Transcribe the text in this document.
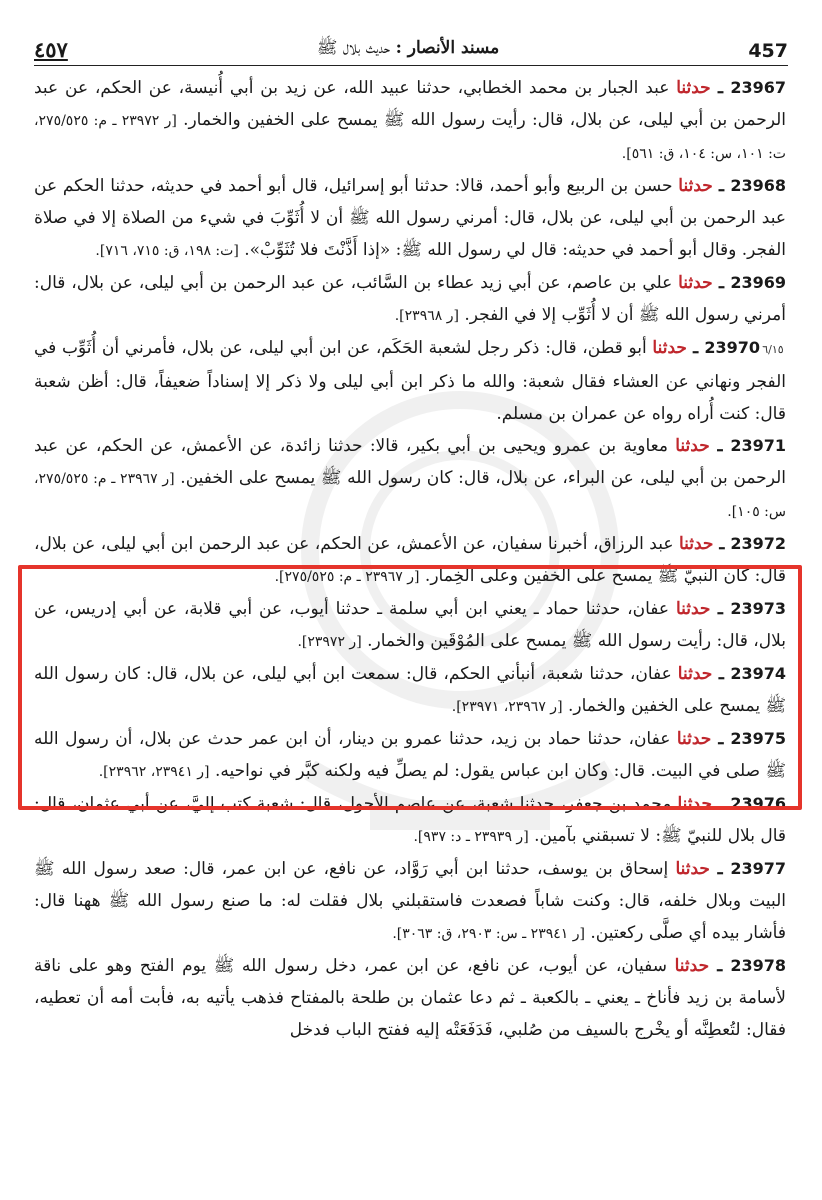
457
مسند الأنصار : حديث بلال ﷺ
٤٥٧

23967 ـ حدثنا عبد الجبار بن محمد الخطابي، حدثنا عبيد الله، عن زيد بن أبي أُنيسة، عن الحكم، عن عبد الرحمن بن أبي ليلى، عن بلال، قال: رأيت رسول الله ﷺ يمسح على الخفين والخمار. [ر ٢٣٩٧٢ ـ م: ٢٧٥/٥٢٥، ت: ١٠١، س: ١٠٤، ق: ٥٦١].

23968 ـ حدثنا حسن بن الربيع وأبو أحمد، قالا: حدثنا أبو إسرائيل، قال أبو أحمد في حديثه، حدثنا الحكم عن عبد الرحمن بن أبي ليلى، عن بلال، قال: أمرني رسول الله ﷺ أن لا أُثَوِّبَ في شيء من الصلاة إلا في صلاة الفجر. وقال أبو أحمد في حديثه: قال لي رسول الله ﷺ: «إذا أَذَّنْتَ فلا تُثَوِّبْ». [ت: ١٩٨، ق: ٧١٥، ٧١٦].

23969 ـ حدثنا علي بن عاصم، عن أبي زيد عطاء بن السَّائب، عن عبد الرحمن بن أبي ليلى، عن بلال، قال: أمرني رسول الله ﷺ أن لا أُثَوِّب إلا في الفجر. [ر ٢٣٩٦٨].

٦/١٥23970 ـ حدثنا أبو قطن، قال: ذكر رجل لشعبة الحَكَم، عن ابن أبي ليلى، عن بلال، فأمرني أن أُثَوِّب في الفجر ونهاني عن العشاء فقال شعبة: والله ما ذكر ابن أبي ليلى ولا ذكر إلا إسناداً ضعيفاً، قال: أظن شعبة قال: كنت أُراه رواه عن عمران بن مسلم.

23971 ـ حدثنا معاوية بن عمرو ويحيى بن أبي بكير، قالا: حدثنا زائدة، عن الأعمش، عن الحكم، عن عبد الرحمن بن أبي ليلى، عن البراء، عن بلال، قال: كان رسول الله ﷺ يمسح على الخفين. [ر ٢٣٩٦٧ ـ م: ٢٧٥/٥٢٥، س: ١٠٥].

23972 ـ حدثنا عبد الرزاق، أخبرنا سفيان، عن الأعمش، عن الحكم، عن عبد الرحمن ابن أبي ليلى، عن بلال، قال: كان النبيّ ﷺ يمسح على الخفين وعلى الخِمار. [ر ٢٣٩٦٧ ـ م: ٢٧٥/٥٢٥].

23973 ـ حدثنا عفان، حدثنا حماد ـ يعني ابن أبي سلمة ـ حدثنا أيوب، عن أبي قلابة، عن أبي إدريس، عن بلال، قال: رأيت رسول الله ﷺ يمسح على المُوْقَين والخمار. [ر ٢٣٩٧٢].

23974 ـ حدثنا عفان، حدثنا شعبة، أنبأني الحكم، قال: سمعت ابن أبي ليلى، عن بلال، قال: كان رسول الله ﷺ يمسح على الخفين والخمار. [ر ٢٣٩٦٧، ٢٣٩٧١].

23975 ـ حدثنا عفان، حدثنا حماد بن زيد، حدثنا عمرو بن دينار، أن ابن عمر حدث عن بلال، أن رسول الله ﷺ صلى في البيت. قال: وكان ابن عباس يقول: لم يصلِّ فيه ولكنه كبَّر في نواحيه. [ر ٢٣٩٤١، ٢٣٩٦٢].

23976 ـ حدثنا محمد بن جعفر، حدثنا شعبة، عن عاصم الأحول، قال: شعبة كتب إليَّ، عن أبي عثمان، قال: قال بلال للنبيّ ﷺ: لا تسبقني بآمين. [ر ٢٣٩٣٩ ـ د: ٩٣٧].

23977 ـ حدثنا إسحاق بن يوسف، حدثنا ابن أبي رَوَّاد، عن نافع، عن ابن عمر، قال: صعد رسول الله ﷺ البيت وبلال خلفه، قال: وكنت شاباً فصعدت فاستقبلني بلال فقلت له: ما صنع رسول الله ﷺ ههنا قال: فأشار بيده أي صلَّى ركعتين. [ر ٢٣٩٤١ ـ س: ٢٩٠٣، ق: ٣٠٦٣].

23978 ـ حدثنا سفيان، عن أيوب، عن نافع، عن ابن عمر، دخل رسول الله ﷺ يوم الفتح وهو على ناقة لأسامة بن زيد فأناخ ـ يعني ـ بالكعبة ـ ثم دعا عثمان بن طلحة بالمفتاح فذهب يأتيه به، فأبت أمه أن تعطيه، فقال: لتُعطِنَّه أو يخْرج بالسيف من صُلبي، فَدَفَعَتْه إليه ففتح الباب فدخل
